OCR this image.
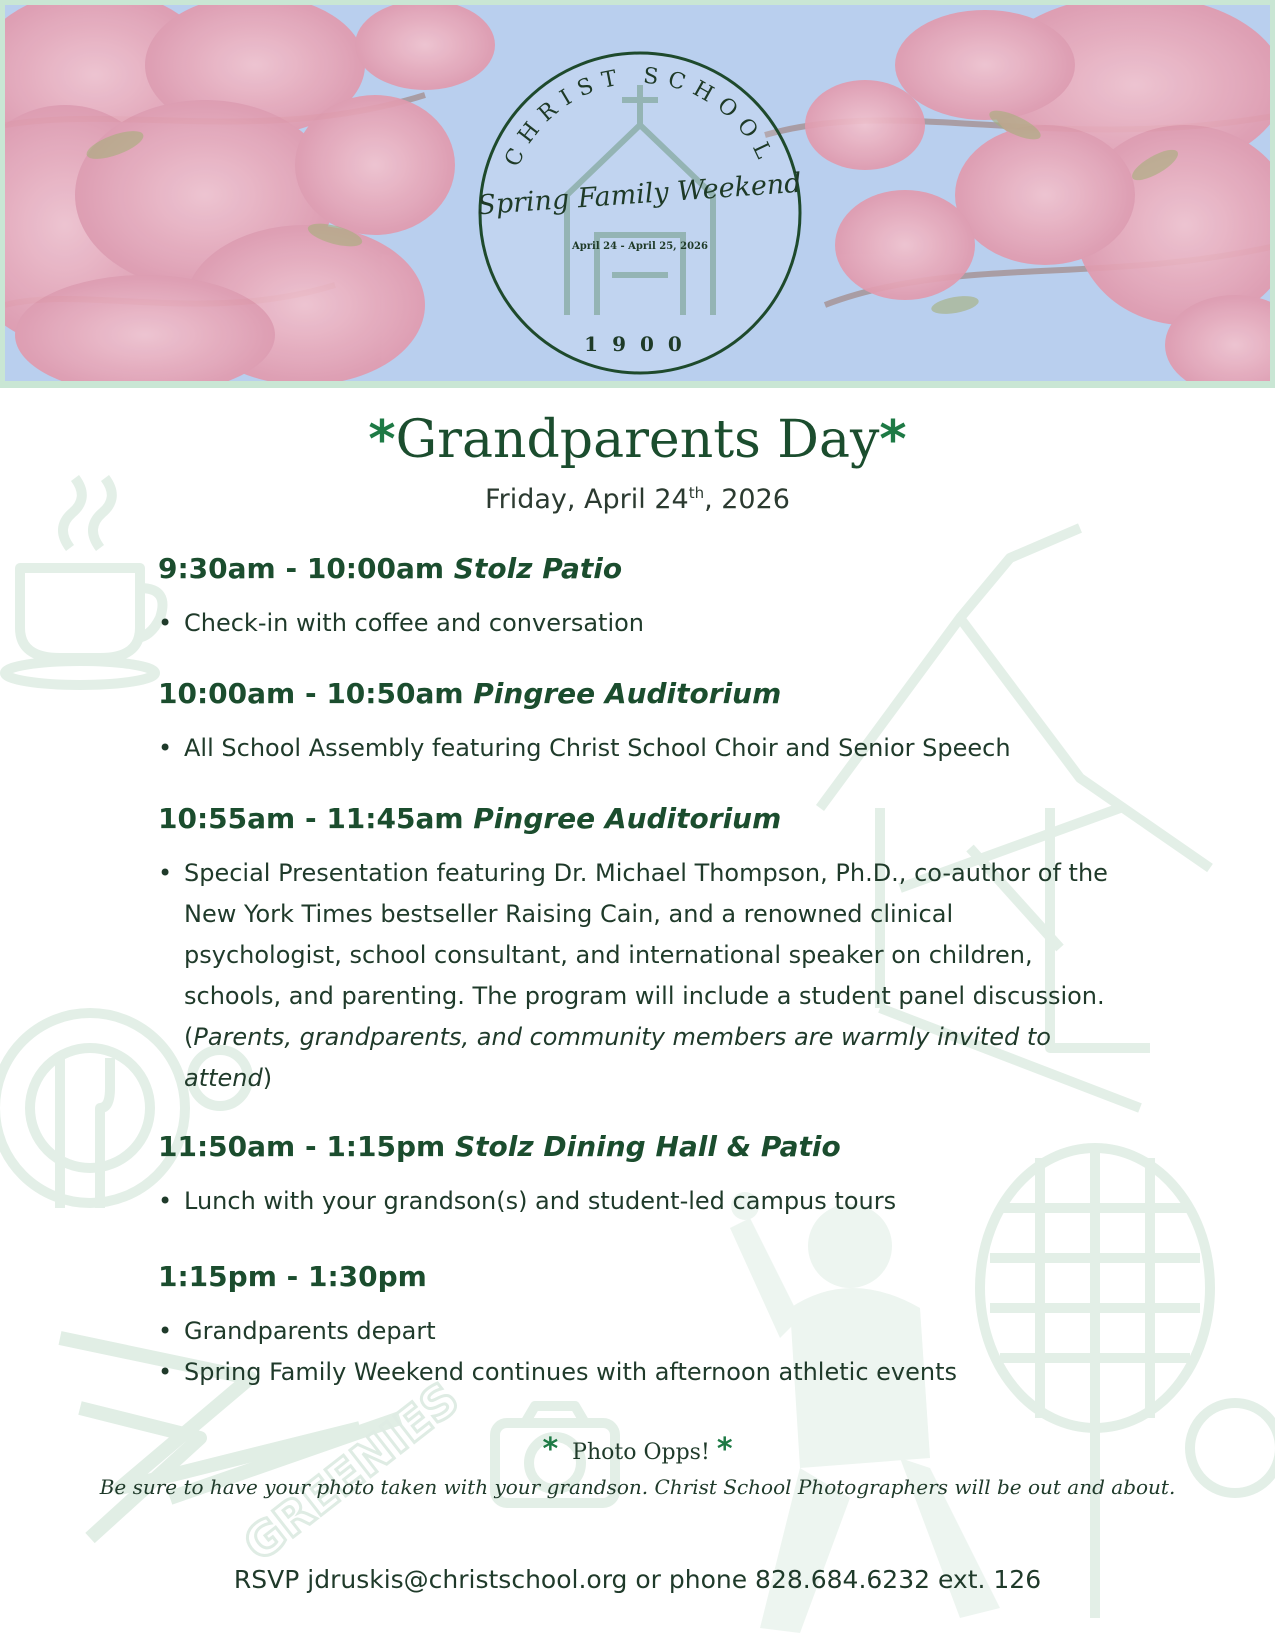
CHRIST SCHOOL
Spring Family Weekend
April 24 - April 25, 2026
1900
GREENIES
*Grandparents Day*
Friday, April 24th, 2026
9:30am - 10:00am Stolz Patio
• Check-in with coffee and conversation
10:00am - 10:50am Pingree Auditorium
• All School Assembly featuring Christ School Choir and Senior Speech
10:55am - 11:45am Pingree Auditorium
• Special Presentation featuring Dr. Michael Thompson, Ph.D., co-author of the New York Times bestseller Raising Cain, and a renowned clinical psychologist, school consultant, and international speaker on children, schools, and parenting. The program will include a student panel discussion. (Parents, grandparents, and community members are warmly invited to attend)
11:50am - 1:15pm Stolz Dining Hall & Patio
• Lunch with your grandson(s) and student-led campus tours
1:15pm - 1:30pm
• Grandparents depart
• Spring Family Weekend continues with afternoon athletic events
* Photo Opps! *
Be sure to have your photo taken with your grandson. Christ School Photographers will be out and about.
RSVP jdruskis@christschool.org or phone 828.684.6232 ext. 126
